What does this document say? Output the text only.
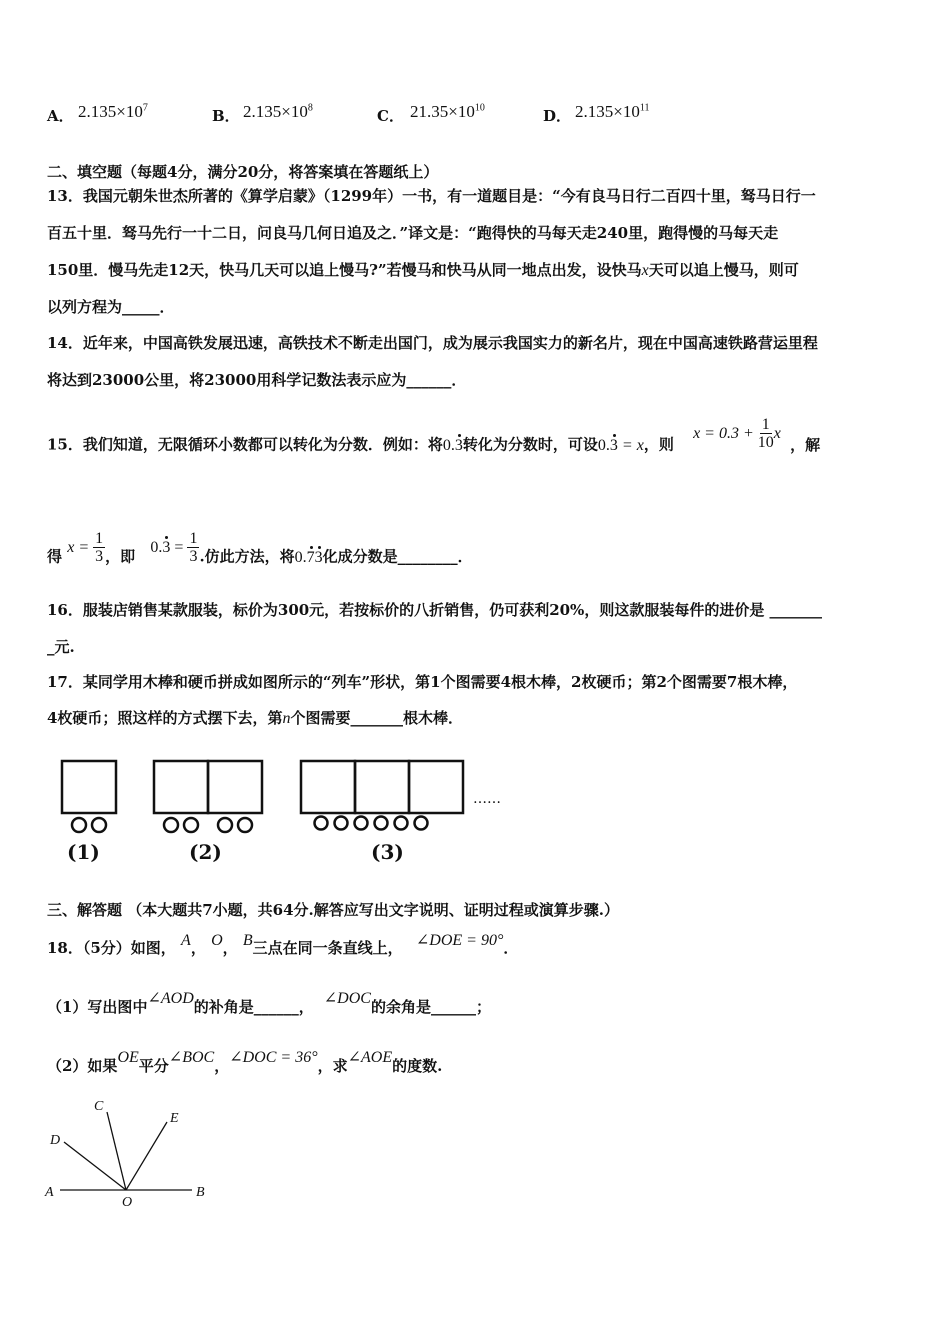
A． $2.135\times 10^7$	B． $2.135\times 10^8$	C． $21.35\times 10^{10}$	D． $2.135\times 10^{11}$
二、填空题（每题4分，满分20分，将答案填在答题纸上）
13．我国元朝朱世杰所著的《算学启蒙》（1299年）一书，有一道题目是：“今有良马日行二百四十里，驽马日行一
百五十里．驽马先行一十二日，问良马几何日追及之．”译文是：“跑得快的马每天走240里，跑得慢的马每天走
150里．慢马先走12天，快马几天可以追上慢马?”若慢马和快马从同一地点出发，设快马x天可以追上慢马，则可
以列方程为_____．
14．近年来，中国高铁发展迅速，高铁技术不断走出国门，成为展示我国实力的新名片，现在中国高速铁路营运里程
将达到23000公里，将23000用科学记数法表示应为______．
15．我们知道，无限循环小数都可以转化为分数．例如：将0.3转化为分数时，可设0.3 = x，则 $x = 0.3 + \frac{1}{10}$ x ，解
得 $x = \frac{1}{3}$ ，即 $0.3 = \frac{1}{3}$ .仿此方法，将0.73化成分数是________．
16．服装店销售某款服装，标价为300元，若按标价的八折销售，仍可获利20%，则这款服装每件的进价是 _______
_元.
17．某同学用木棒和硬币拼成如图所示的“列车”形状，第1个图需要4根木棒，2枚硬币；第2个图需要7根木棒，
4枚硬币；照这样的方式摆下去，第n个图需要_______根木棒．
(1)	(2)	(3)
……
三、解答题 （本大题共7小题，共64分.解答应写出文字说明、证明过程或演算步骤.）
18．（5分）如图， A， O， B三点在同一条直线上， ∠DOE = 90°．
（1）写出图中∠AOD的补角是______， ∠DOC的余角是______；
（2）如果OE平分∠BOC，∠DOC = 36°，求∠AOE的度数.
C
D
E
A
O
B
